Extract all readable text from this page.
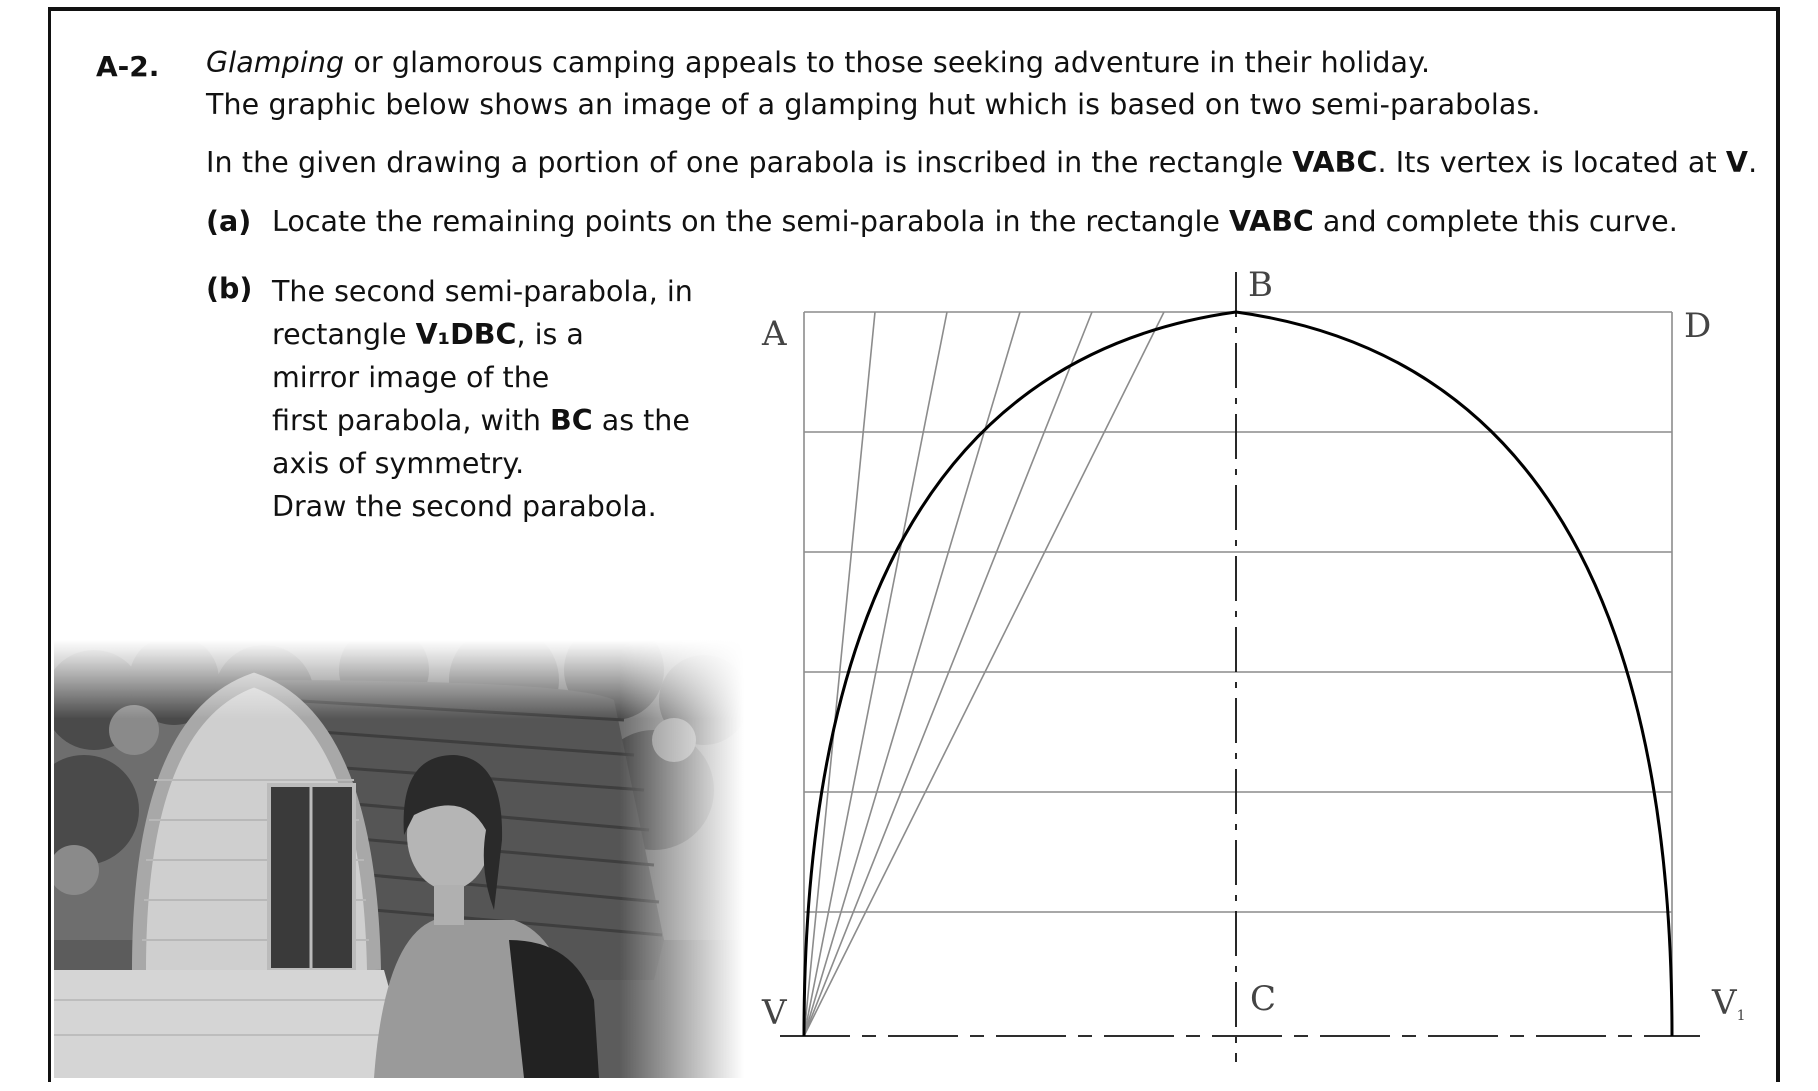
A-2. Glamping or glamorous camping appeals to those seeking adventure in their holiday.
The graphic below shows an image of a glamping hut which is based on two semi-parabolas.
In the given drawing a portion of one parabola is inscribed in the rectangle VABC. Its vertex is located at V.
(a) Locate the remaining points on the semi-parabola in the rectangle VABC and complete this curve.
(b) The second semi-parabola, in
rectangle V₁DBC, is a
mirror image of the
first parabola, with BC as the
axis of symmetry.
Draw the second parabola.
A
B
C
D
V	V1
